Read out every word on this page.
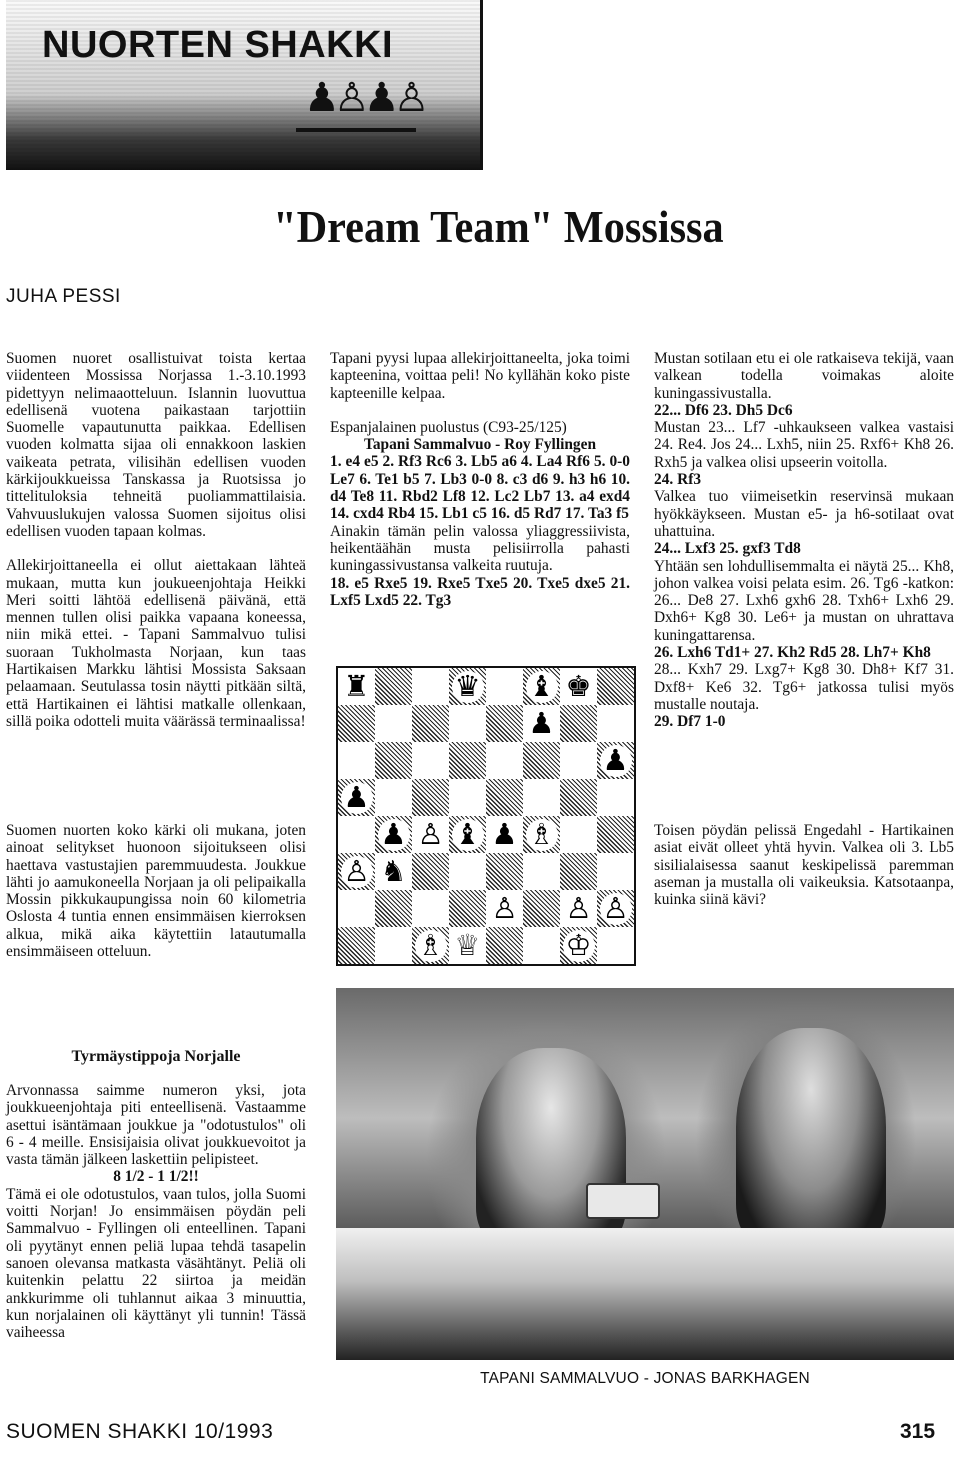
NUORTEN SHAKKI
♟♙♟♙
"Dream Team" Mossissa
JUHA PESSI

Suomen nuoret osallistuivat toista kertaa viidenteen Mossissa Norjassa 1.-3.10.1993 pidettyyn nelimaaotteluun. Islannin luovuttua edellisenä vuotena paikastaan tarjottiin Suomelle vapautunutta paikkaa. Edellisen vuoden kolmatta sijaa oli ennakkoon laskien vaikeata petrata, vilisihän edellisen vuoden kärkijoukkueissa Tanskassa ja Ruotsissa jo tittelituloksia tehneitä puoliammattilaisia. Vahvuuslukujen valossa Suomen sijoitus olisi edellisen vuoden tapaan kolmas.

Allekirjoittaneella ei ollut aiettakaan lähteä mukaan, mutta kun joukueenjohtaja Heikki Meri soitti lähtöä edellisenä päivänä, että mennen tullen olisi paikka vapaana koneessa, niin mikä ettei. - Tapani Sammalvuo tulisi suoraan Tukholmasta Norjaan, kun taas Hartikaisen Markku lähtisi Mossista Saksaan pelaamaan. Seutulassa tosin näytti pitkään siltä, että Hartikainen ei lähtisi matkalle ollenkaan, sillä poika odotteli muita väärässä terminaalissa!

Suomen nuorten koko kärki oli mukana, joten ainoat selitykset huonoon sijoitukseen olisi haettava vastustajien paremmuudesta. Joukkue lähti jo aamukoneella Norjaan ja oli pelipaikalla Mossin pikkukaupungissa noin 60 kilometria Oslosta 4 tuntia ennen ensimmäisen kierroksen alkua, mikä aika käytettiin latautumalla ensimmäiseen otteluun.

Tyrmäystippoja Norjalle

Arvonnassa saimme numeron yksi, jota joukkueenjohtaja piti enteellisenä. Vastaamme asettui isäntämaan joukkue ja "odotustulos" oli 6 - 4 meille. Ensisijaisia olivat joukkuevoitot ja vasta tämän jälkeen laskettiin pelipisteet.

8 1/2 - 1 1/2!!

Tämä ei ole odotustulos, vaan tulos, jolla Suomi voitti Norjan! Jo ensimmäisen pöydän peli Sammalvuo - Fyllingen oli enteellinen. Tapani oli pyytänyt ennen peliä lupaa tehdä tasapelin sanoen olevansa matkasta väsähtänyt. Peliä oli kuitenkin pelattu 22 siirtoa ja meidän ankkurimme oli tuhlannut aikaa 3 minuuttia, kun norjalainen oli käyttänyt yli tunnin! Tässä vaiheessa

Tapani pyysi lupaa allekirjoittaneelta, joka toimi kapteenina, voittaa peli! No kyllähän koko piste kapteenille kelpaa.

Espanjalainen puolustus (C93-25/125)

Tapani Sammalvuo - Roy Fyllingen

1. e4 e5 2. Rf3 Rc6 3. Lb5 a6 4. La4 Rf6 5. 0-0 Le7 6. Te1 b5 7. Lb3 0-0 8. c3 d6 9. h3 h6 10. d4 Te8 11. Rbd2 Lf8 12. Lc2 Lb7 13. a4 exd4 14. cxd4 Rb4 15. Lb1 c5 16. d5 Rd7 17. Ta3 f5

Ainakin tämän pelin valossa yliaggressiivista, heikentäähän musta pelisiirrolla pahasti kuningassivustansa valkeita ruutuja.

18. e5 Rxe5 19. Rxe5 Txe5 20. Txe5 dxe5 21. Lxf5 Lxd5 22. Tg3

♜	♛ ♝ ♚
♟
♟
♟
♟ ♙ ♝ ♟ ♗
♙ ♞
♙ ♙ ♙
♗ ♕	♔

Mustan sotilaan etu ei ole ratkaiseva tekijä, vaan valkean todella voimakas aloite kuningassivustalla.

22... Df6 23. Dh5 Dc6

Mustan 23... Lf7 -uhkaukseen valkea vastaisi 24. Re4. Jos 24... Lxh5, niin 25. Rxf6+ Kh8 26. Rxh5 ja valkea olisi upseerin voitolla.

24. Rf3

Valkea tuo viimeisetkin reservinsä mukaan hyökkäykseen. Mustan e5- ja h6-sotilaat ovat uhattuina.

24... Lxf3 25. gxf3 Td8

Yhtään sen lohdullisemmalta ei näytä 25... Kh8, johon valkea voisi pelata esim. 26. Tg6 -katkon: 26... De8 27. Lxh6 gxh6 28. Txh6+ Lxh6 29. Dxh6+ Kg8 30. Le6+ ja mustan on uhrattava kuningattarensa.

26. Lxh6 Td1+ 27. Kh2 Rd5 28. Lh7+ Kh8

28... Kxh7 29. Lxg7+ Kg8 30. Dh8+ Kf7 31. Dxf8+ Ke6 32. Tg6+ jatkossa tulisi myös mustalle noutaja.

29. Df7 1-0

Toisen pöydän pelissä Engedahl - Hartikainen asiat eivät olleet yhtä hyvin. Valkea oli 3. Lb5 sisilialaisessa saanut keskipelissä paremman aseman ja mustalla oli vaikeuksia. Katsotaanpa, kuinka siinä kävi?

TAPANI SAMMALVUO - JONAS BARKHAGEN
SUOMEN SHAKKI 10/1993	315
